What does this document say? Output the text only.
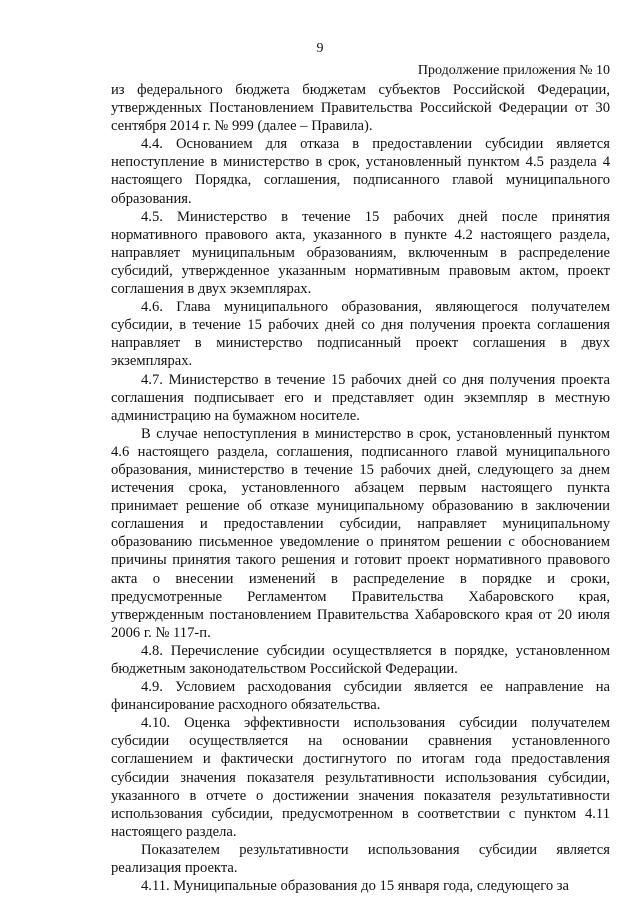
9
Продолжение приложения № 10

из федерального бюджета бюджетам субъектов Российской Федерации, утвержденных Постановлением Правительства Российской Федерации от 30 сентября 2014 г. № 999 (далее – Правила).

4.4. Основанием для отказа в предоставлении субсидии является непоступление в министерство в срок, установленный пунктом 4.5 раздела 4 настоящего Порядка, соглашения, подписанного главой муниципального образования.

4.5. Министерство в течение 15 рабочих дней после принятия нормативного правового акта, указанного в пункте 4.2 настоящего раздела, направляет муниципальным образованиям, включенным в распределение субсидий, утвержденное указанным нормативным правовым актом, проект соглашения в двух экземплярах.

4.6. Глава муниципального образования, являющегося получателем субсидии, в течение 15 рабочих дней со дня получения проекта соглашения направляет в министерство подписанный проект соглашения в двух экземплярах.

4.7. Министерство в течение 15 рабочих дней со дня получения проекта соглашения подписывает его и представляет один экземпляр в местную администрацию на бумажном носителе.

В случае непоступления в министерство в срок, установленный пунктом 4.6 настоящего раздела, соглашения, подписанного главой муниципального образования, министерство в течение 15 рабочих дней, следующего за днем истечения срока, установленного абзацем первым настоящего пункта принимает решение об отказе муниципальному образованию в заключении соглашения и предоставлении субсидии, направляет муниципальному образованию письменное уведомление о принятом решении с обоснованием причины принятия такого решения и готовит проект нормативного правового акта о внесении изменений в распределение в порядке и сроки, предусмотренные Регламентом Правительства Хабаровского края, утвержденным постановлением Правительства Хабаровского края от 20 июля 2006 г. № 117-п.

4.8. Перечисление субсидии осуществляется в порядке, установленном бюджетным законодательством Российской Федерации.

4.9. Условием расходования субсидии является ее направление на финансирование расходного обязательства.

4.10. Оценка эффективности использования субсидии получателем субсидии осуществляется на основании сравнения установленного соглашением и фактически достигнутого по итогам года предоставления субсидии значения показателя результативности использования субсидии, указанного в отчете о достижении значения показателя результативности использования субсидии, предусмотренном в соответствии с пунктом 4.11 настоящего раздела.

Показателем результативности использования субсидии является реализация проекта.

4.11. Муниципальные образования до 15 января года, следующего за
